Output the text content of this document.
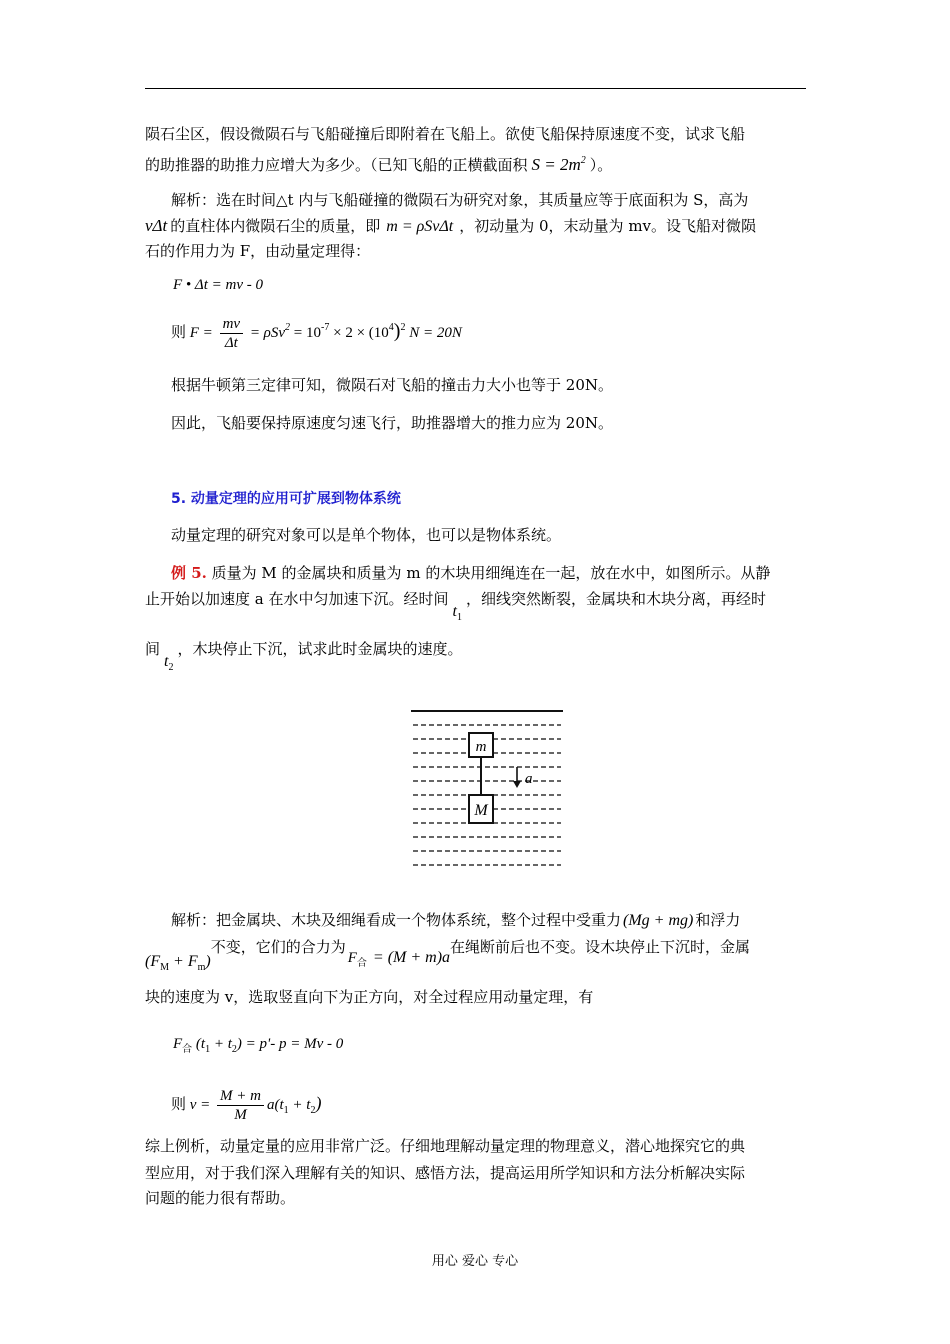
陨石尘区，假设微陨石与飞船碰撞后即附着在飞船上。欲使飞船保持原速度不变，试求飞船

的助推器的助推力应增大为多少。（已知飞船的正横截面积 $S = 2m^2$ ）。

解析：选在时间△t 内与飞船碰撞的微陨石为研究对象，其质量应等于底面积为 S，高为

vΔt 的直柱体内微陨石尘的质量，即 m = ρSvΔt ，初动量为 0，末动量为 mv。设飞船对微陨

石的作用力为 F，由动量定理得：

F • Δt = mv - 0

则 $F = \frac{mv}{\Delta t} = \rho Sv^2 = 10^{-7} \times 2 \times (10^4)^2$ N = 20N

根据牛顿第三定律可知，微陨石对飞船的撞击力大小也等于 20N。

因此，飞船要保持原速度匀速飞行，助推器增大的推力应为 20N。

5. 动量定理的应用可扩展到物体系统

动量定理的研究对象可以是单个物体，也可以是物体系统。

例 5. 质量为 M 的金属块和质量为 m 的木块用细绳连在一起，放在水中，如图所示。从静

止开始以加速度 a 在水中匀加速下沉。经时间$t_1$，细线突然断裂，金属块和木块分离，再经时

间$t_2$，木块停止下沉，试求此时金属块的速度。

m
M
a

解析：把金属块、木块及细绳看成一个物体系统，整个过程中受重力 (Mg + mg) 和浮力

$(F_M + F_m)$不变，它们的合力为$F_合 = (M + m)a$在绳断前后也不变。设木块停止下沉时，金属

块的速度为 v，选取竖直向下为正方向，对全过程应用动量定理，有

$F_合$ $(t_1 + t_2) = p'-$ p = Mv - 0

则 $v = \frac{M + m}{M} a(t_1 + t_2)$

综上例析，动量定量的应用非常广泛。仔细地理解动量定理的物理意义，潜心地探究它的典

型应用，对于我们深入理解有关的知识、感悟方法，提高运用所学知识和方法分析解决实际

问题的能力很有帮助。

用心 爱心 专心
